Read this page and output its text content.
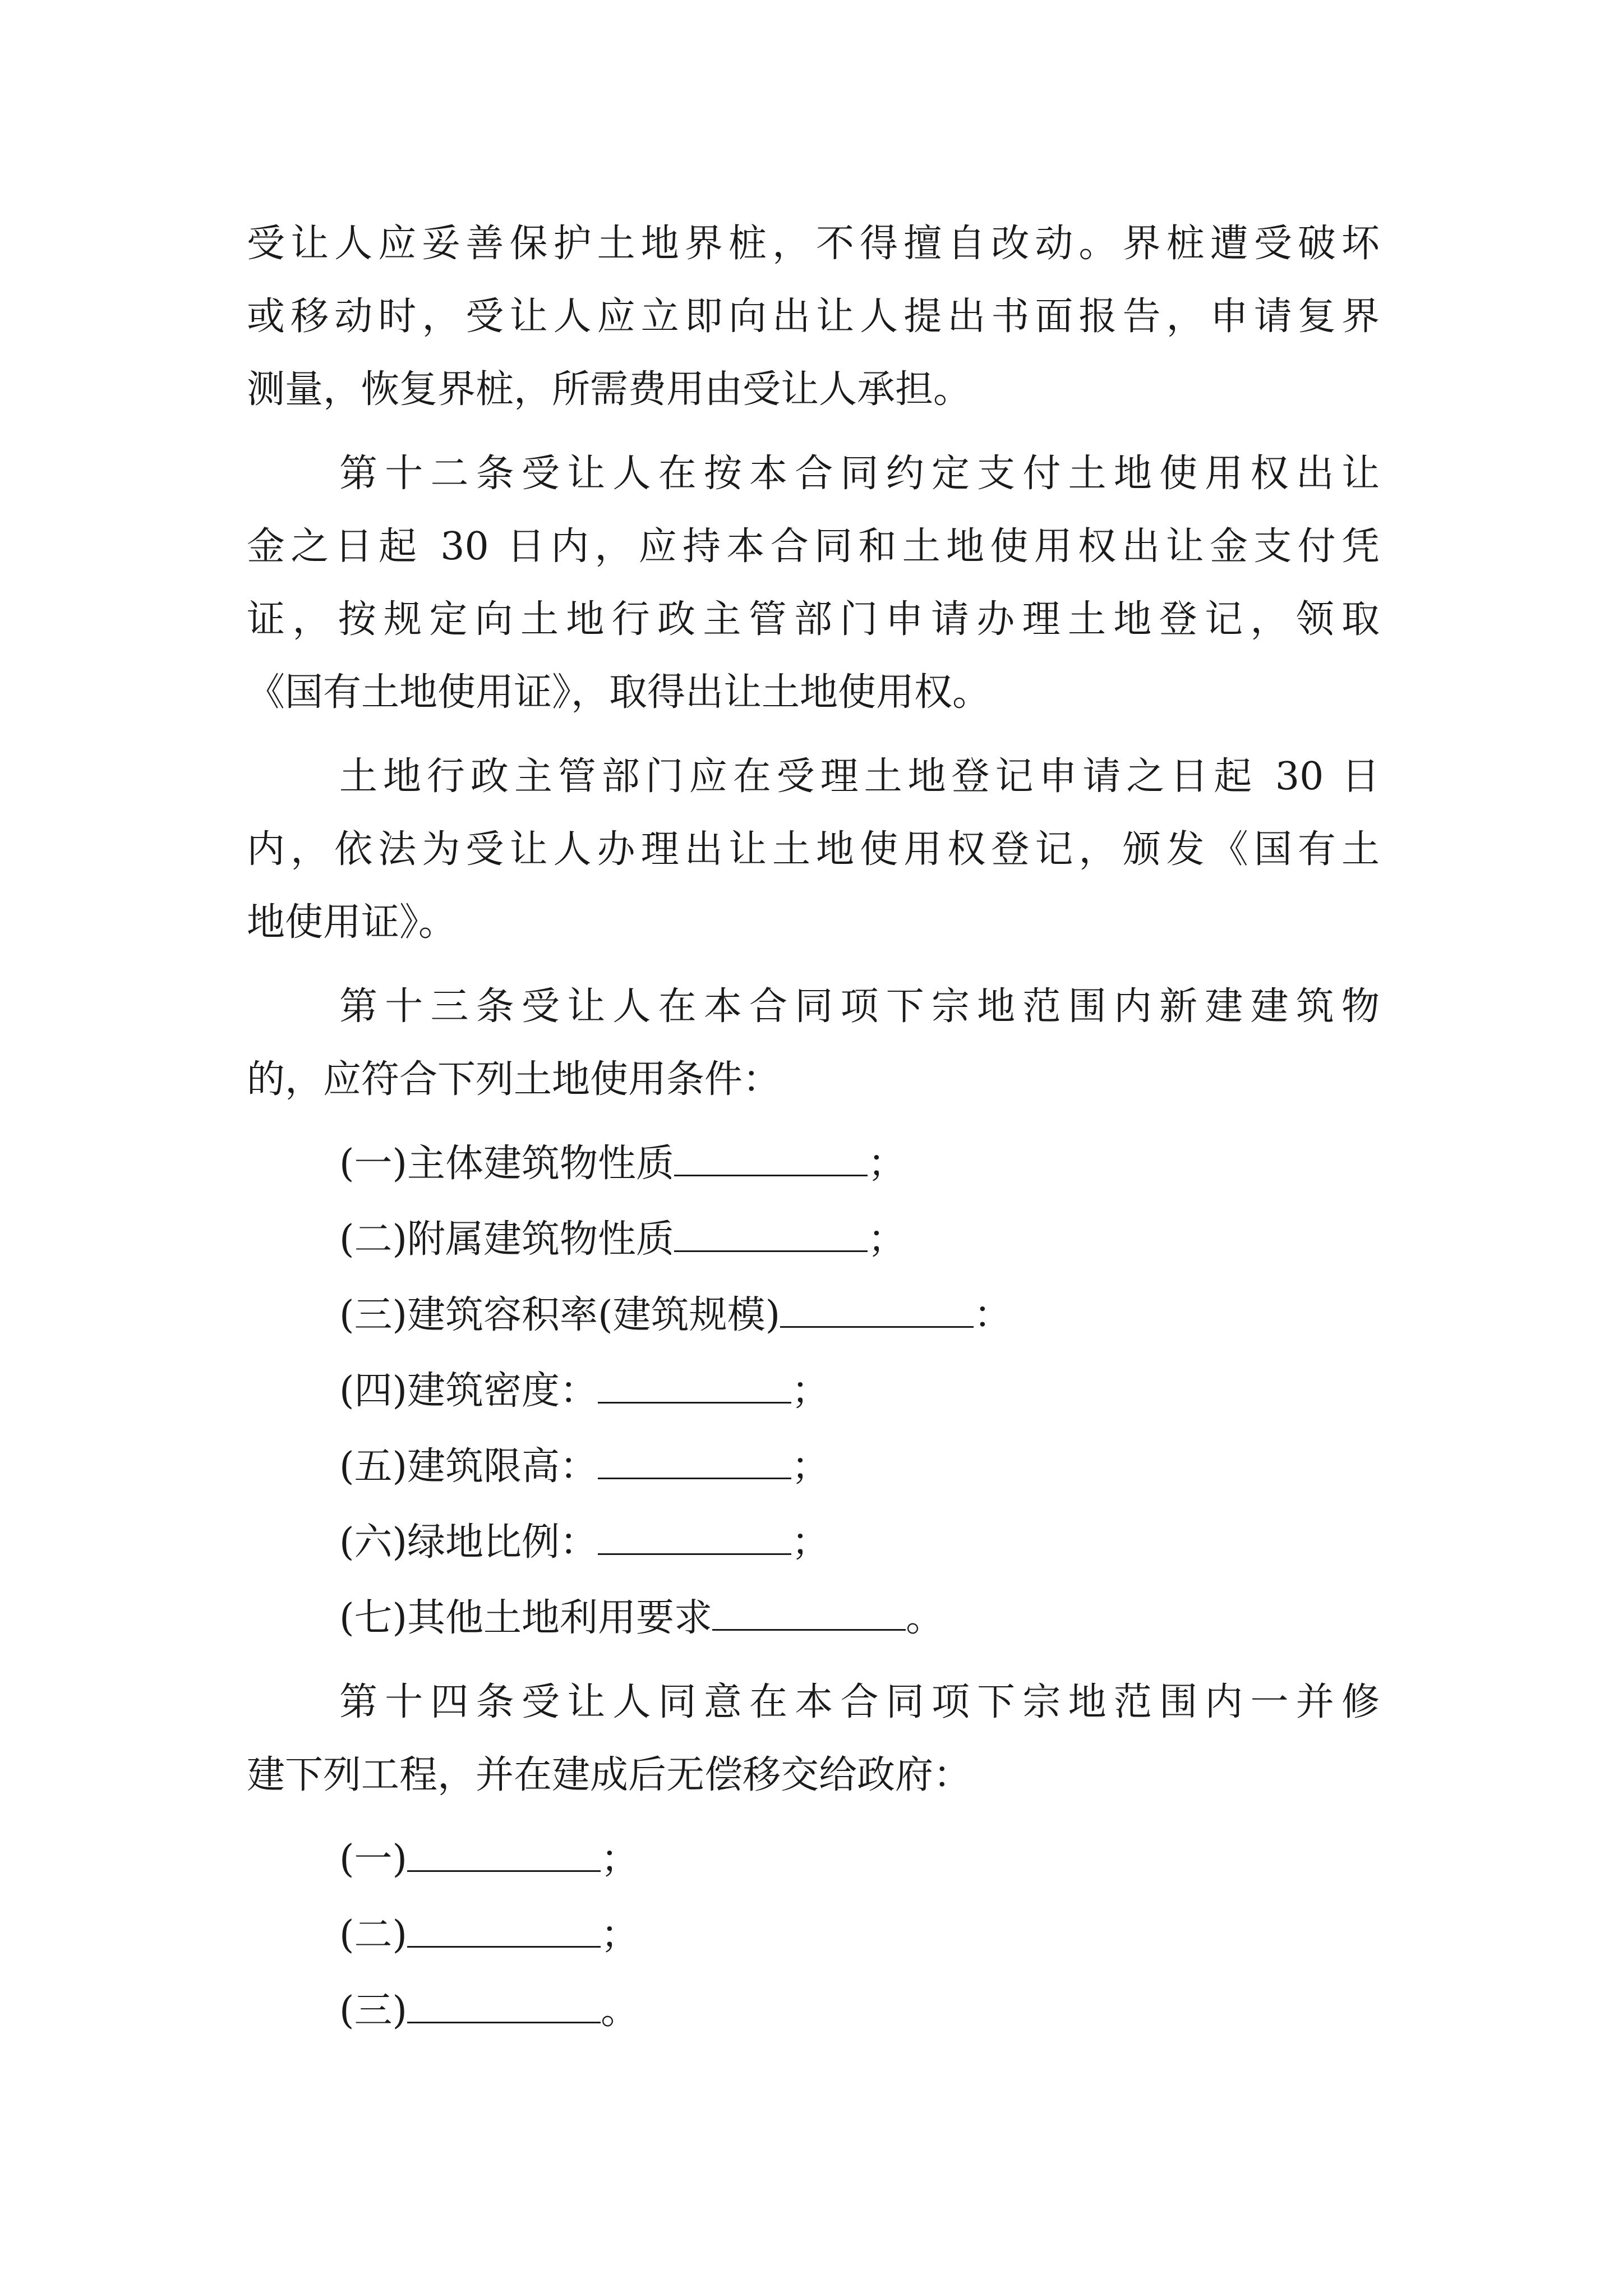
受让人应妥善保护土地界桩，不得擅自改动。界桩遭受破坏
或移动时，受让人应立即向出让人提出书面报告，申请复界
测量，恢复界桩，所需费用由受让人承担。
第十二条受让人在按本合同约定支付土地使用权出让
金之日起 30 日内，应持本合同和土地使用权出让金支付凭
证，按规定向土地行政主管部门申请办理土地登记，领取
《国有土地使用证》，取得出让土地使用权。
土地行政主管部门应在受理土地登记申请之日起 30 日
内，依法为受让人办理出让土地使用权登记，颁发《国有土
地使用证》。
第十三条受让人在本合同项下宗地范围内新建建筑物
的，应符合下列土地使用条件：
(一)主体建筑物性质	；
(二)附属建筑物性质	；
(三)建筑容积率(建筑规模)	：
(四)建筑密度：	；
(五)建筑限高：	；
(六)绿地比例：	；
(七)其他土地利用要求	。
第十四条受让人同意在本合同项下宗地范围内一并修
建下列工程，并在建成后无偿移交给政府：
(一)	；
(二)	；
(三)	。
